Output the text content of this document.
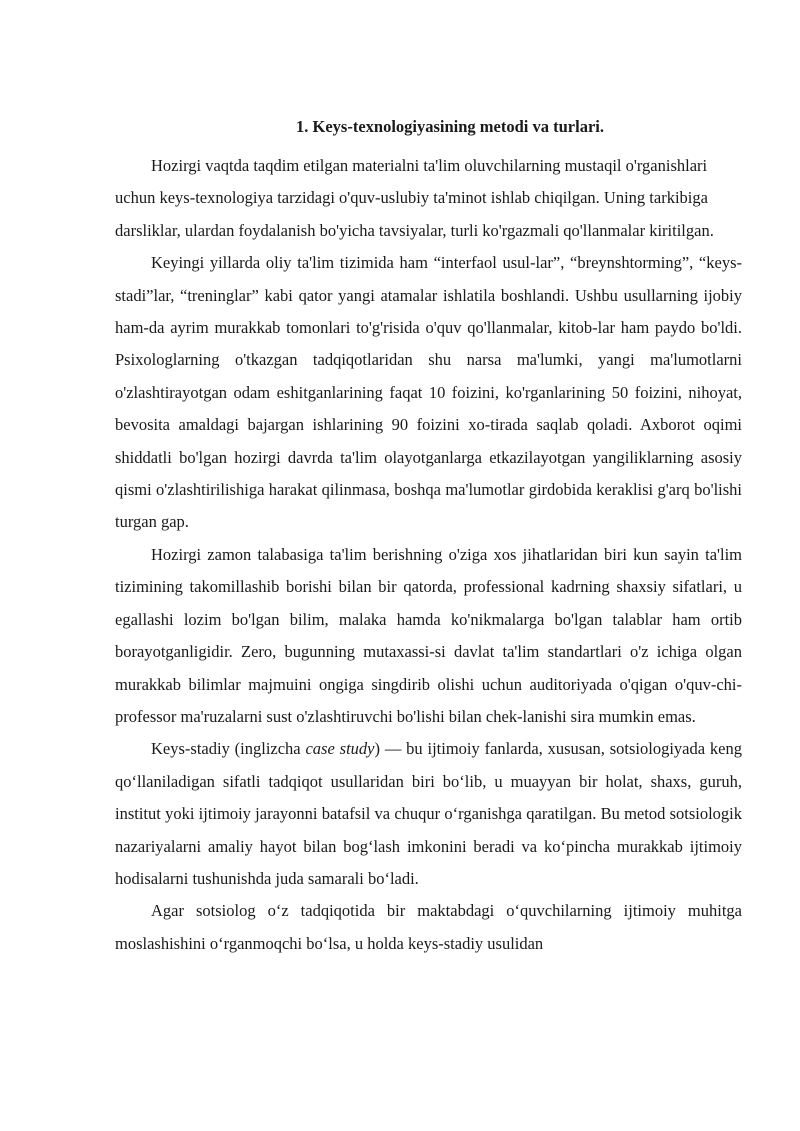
1. Keys-texnologiyasining metodi va turlari.

Hozirgi vaqtda taqdim etilgan materialni ta'lim oluvchilarning mustaqil o'rganishlari uchun keys-texnologiya tarzidagi o'quv-uslubiy ta'minot ishlab chiqilgan. Uning tarkibiga darsliklar, ulardan foydalanish bo'yicha tavsiyalar, turli ko'rgazmali qo'llanmalar kiritilgan.

Keyingi yillarda oliy ta'lim tizimida ham “interfaol usul-lar”, “breynshtorming”, “keys-stadi”lar, “treninglar” kabi qator yangi atamalar ishlatila boshlandi. Ushbu usullarning ijobiy ham-da ayrim murakkab tomonlari to'g'risida o'quv qo'llanmalar, kitob-lar ham paydo bo'ldi. Psixologlarning o'tkazgan tadqiqotlaridan shu narsa ma'lumki, yangi ma'lumotlarni o'zlashtirayotgan odam eshitganlarining faqat 10 foizini, ko'rganlarining 50 foizini, nihoyat, bevosita amaldagi bajargan ishlarining 90 foizini xo-tirada saqlab qoladi. Axborot oqimi shiddatli bo'lgan hozirgi davrda ta'lim olayotganlarga etkazilayotgan yangiliklarning asosiy qismi o'zlashtirilishiga harakat qilinmasa, boshqa ma'lumotlar girdobida keraklisi g'arq bo'lishi turgan gap.

Hozirgi zamon talabasiga ta'lim berishning o'ziga xos jihatlaridan biri kun sayin ta'lim tizimining takomillashib borishi bilan bir qatorda, professional kadrning shaxsiy sifatlari, u egallashi lozim bo'lgan bilim, malaka hamda ko'nikmalarga bo'lgan talablar ham ortib borayotganligidir. Zero, bugunning mutaxassi-si davlat ta'lim standartlari o'z ichiga olgan murakkab bilimlar majmuini ongiga singdirib olishi uchun auditoriyada o'qigan o'quv-chi-professor ma'ruzalarni sust o'zlashtiruvchi bo'lishi bilan chek-lanishi sira mumkin emas.

Keys-stadiy (inglizcha case study) — bu ijtimoiy fanlarda, xususan, sotsiologiyada keng qo‘llaniladigan sifatli tadqiqot usullaridan biri bo‘lib, u muayyan bir holat, shaxs, guruh, institut yoki ijtimoiy jarayonni batafsil va chuqur o‘rganishga qaratilgan. Bu metod sotsiologik nazariyalarni amaliy hayot bilan bog‘lash imkonini beradi va ko‘pincha murakkab ijtimoiy hodisalarni tushunishda juda samarali bo‘ladi.

Agar sotsiolog o‘z tadqiqotida bir maktabdagi o‘quvchilarning ijtimoiy muhitga moslashishini o‘rganmoqchi bo‘lsa, u holda keys-stadiy usulidan
